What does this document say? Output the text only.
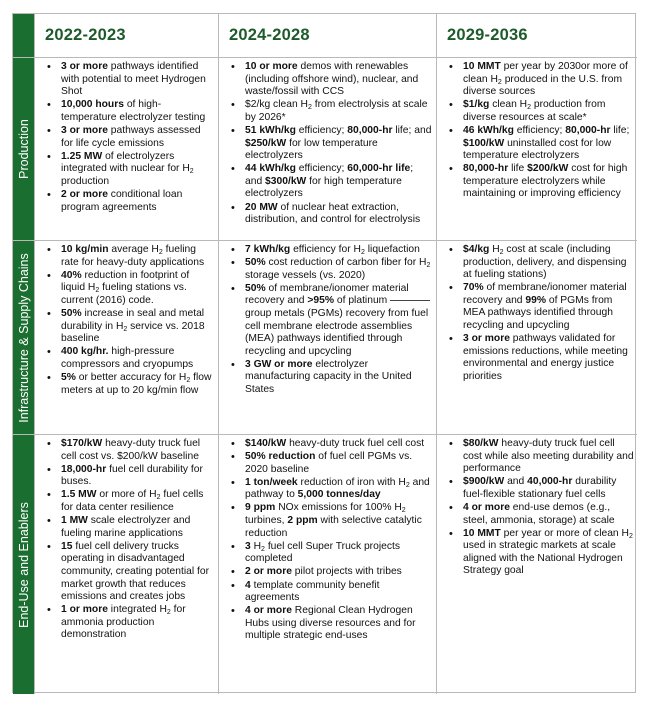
2022-2023	2024-2028	2029-2036
Production
• 3 or more pathways identified with potential to meet Hydrogen Shot
• 10,000 hours of high-temperature electrolyzer testing
• 3 or more pathways assessed for life cycle emissions
• 1.25 MW of electrolyzers integrated with nuclear for $H_2$ production
• 2 or more conditional loan program agreements
• 10 or more demos with renewables (including offshore wind), nuclear, and waste/fossil with CCS
• $2/kg clean $H_2$ from electrolysis at scale by 2026*
• 51 kWh/kg efficiency; 80,000-hr life; and $250/kW for low temperature electrolyzers
• 44 kWh/kg efficiency; 60,000-hr life; and $300/kW for high temperature electrolyzers
• 20 MW of nuclear heat extraction, distribution, and control for electrolysis
• 10 MMT per year by 2030or more of clean $H_2$ produced in the U.S. from diverse sources
• $1/kg clean $H_2$ production from diverse resources at scale*
• 46 kWh/kg efficiency; 80,000-hr life; $100/kW uninstalled cost for low temperature electrolyzers
• 80,000-hr life $200/kW cost for high temperature electrolyzers while maintaining or improving efficiency
Infrastructure & Supply Chains
• 10 kg/min average $H_2$ fueling rate for heavy-duty applications
• 40% reduction in footprint of liquid $H_2$ fueling stations vs. current (2016) code.
• 50% increase in seal and metal durability in $H_2$ service vs. 2018 baseline
• 400 kg/hr. high-pressure compressors and cryopumps
• 5% or better accuracy for $H_2$ flow meters at up to 20 kg/min flow
• 7 kWh/kg efficiency for $H_2$ liquefaction
• 50% cost reduction of carbon fiber for $H_2$ storage vessels (vs. 2020)
• 50% of membrane/ionomer material recovery and >95% of platinum group metals (PGMs) recovery from fuel cell membrane electrode assemblies (MEA) pathways identified through recycling and upcycling
• 3 GW or more electrolyzer manufacturing capacity in the United States
• $4/kg $H_2$ cost at scale (including production, delivery, and dispensing at fueling stations)
• 70% of membrane/ionomer material recovery and 99% of PGMs from MEA pathways identified through recycling and upcycling
• 3 or more pathways validated for emissions reductions, while meeting environmental and energy justice priorities
End-Use and Enablers
• $170/kW heavy-duty truck fuel cell cost vs. $200/kW baseline
• 18,000-hr fuel cell durability for buses.
• 1.5 MW or more of $H_2$ fuel cells for data center resilience
• 1 MW scale electrolyzer and fueling marine applications
• 15 fuel cell delivery trucks operating in disadvantaged community, creating potential for market growth that reduces emissions and creates jobs
• 1 or more integrated $H_2$ for ammonia production demonstration
• $140/kW heavy-duty truck fuel cell cost
• 50% reduction of fuel cell PGMs vs. 2020 baseline
• 1 ton/week reduction of iron with $H_2$ and pathway to 5,000 tonnes/day
• 9 ppm NOx emissions for 100% $H_2$ turbines, 2 ppm with selective catalytic reduction
• 3 $H_2$ fuel cell Super Truck projects completed
• 2 or more pilot projects with tribes
• 4 template community benefit agreements
• 4 or more Regional Clean Hydrogen Hubs using diverse resources and for multiple strategic end-uses
• $80/kW heavy-duty truck fuel cell cost while also meeting durability and performance
• $900/kW and 40,000-hr durability fuel-flexible stationary fuel cells
• 4 or more end-use demos (e.g., steel, ammonia, storage) at scale
• 10 MMT per year or more of clean $H_2$ used in strategic markets at scale aligned with the National Hydrogen Strategy goal
